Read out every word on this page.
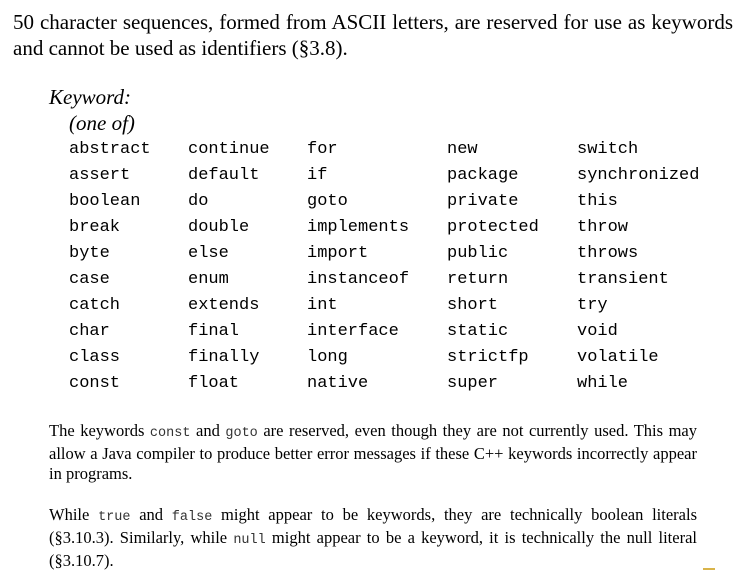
50 character sequences, formed from ASCII letters, are reserved for use as keywords and cannot be used as identifiers (§3.8).
Keyword:
(one of)
abstract
assert
boolean
break
byte
case
catch
char
class
const
continue
default
do
double
else
enum
extends
final
finally
float
for
if
goto
implements
import
instanceof
int
interface
long
native
new
package
private
protected
public
return
short
static
strictfp
super
switch
synchronized
this
throw
throws
transient
try
void
volatile
while
The keywords const and goto are reserved, even though they are not currently used. This may allow a Java compiler to produce better error messages if these C++ keywords incorrectly appear in programs.
While true and false might appear to be keywords, they are technically boolean literals (§3.10.3). Similarly, while null might appear to be a keyword, it is technically the null literal (§3.10.7).
